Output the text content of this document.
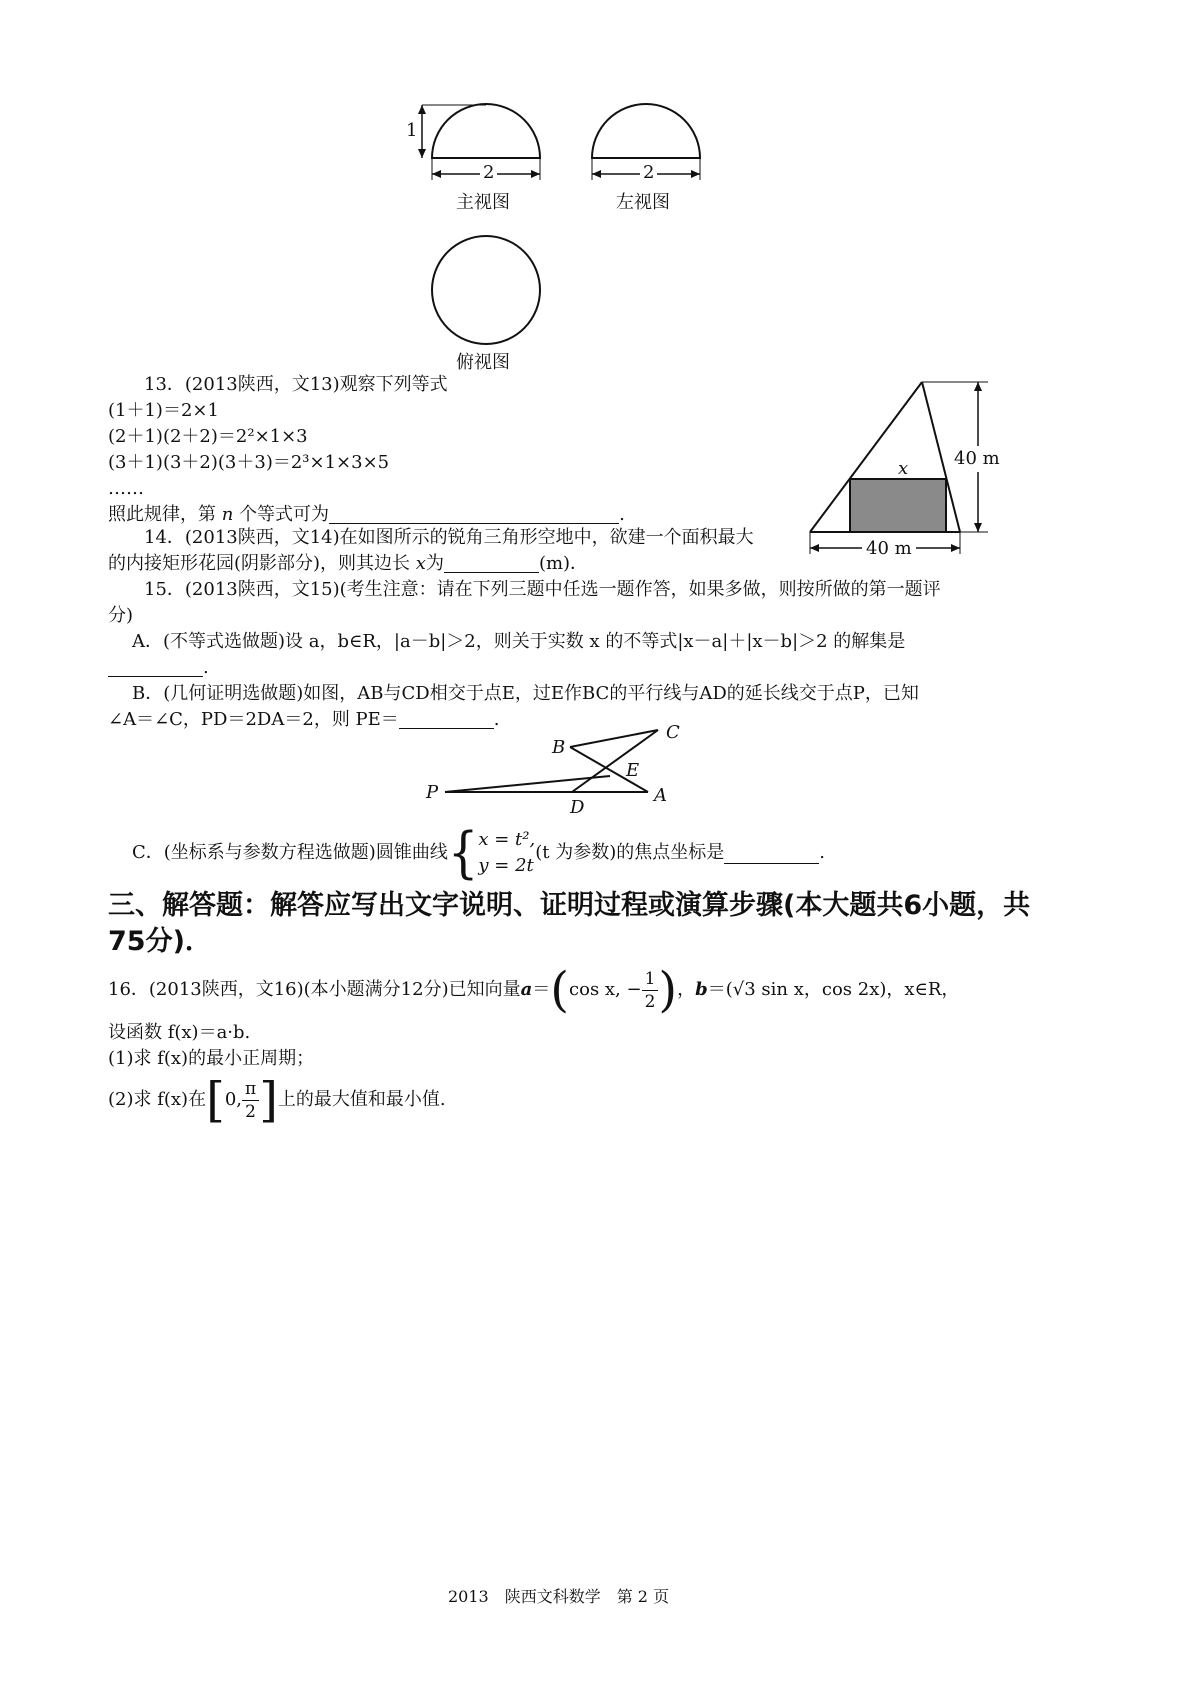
1
2	2
主视图	左视图
俯视图
13．(2013陕西，文13)观察下列等式
(1＋1)＝2×1
(2＋1)(2＋2)＝2²×1×3
(3＋1)(3＋2)(3＋3)＝2³×1×3×5
……
照此规律，第 n 个等式可为	.
x	40 m
40 m
14．(2013陕西，文14)在如图所示的锐角三角形空地中，欲建一个面积最大
的内接矩形花园(阴影部分)，则其边长 x为	(m)．
15．(2013陕西，文15)(考生注意：请在下列三题中任选一题作答，如果多做，则按所做的第一题评
分)
A．(不等式选做题)设 a，b∈R，|a－b|＞2，则关于实数 x 的不等式|x－a|＋|x－b|＞2 的解集是
.
B．(几何证明选做题)如图，AB与CD相交于点E，过E作BC的平行线与AD的延长线交于点P，已知
∠A＝∠C，PD＝2DA＝2，则 PE＝	.
B
C
E
P
D
A
C．(坐标系与参数方程选做题)圆锥曲线 { x = t²,
y = 2t
(t 为参数)的焦点坐标是	.
三、解答题：解答应写出文字说明、证明过程或演算步骤(本大题共6小题，共
75分)．
16．(2013陕西，文16)(本小题满分12分)已知向量 a ＝ ( cos x, − $\frac{1}{2}$ ) ， b ＝(√3 sin x，cos 2x)，x∈R，
设函数 f(x)＝a·b.
(1)求 f(x)的最小正周期；
(2)求 f(x)在 [ 0, $\frac{\pi}{2}$ ] 上的最大值和最小值.
2013　陕西文科数学　第 2 页
